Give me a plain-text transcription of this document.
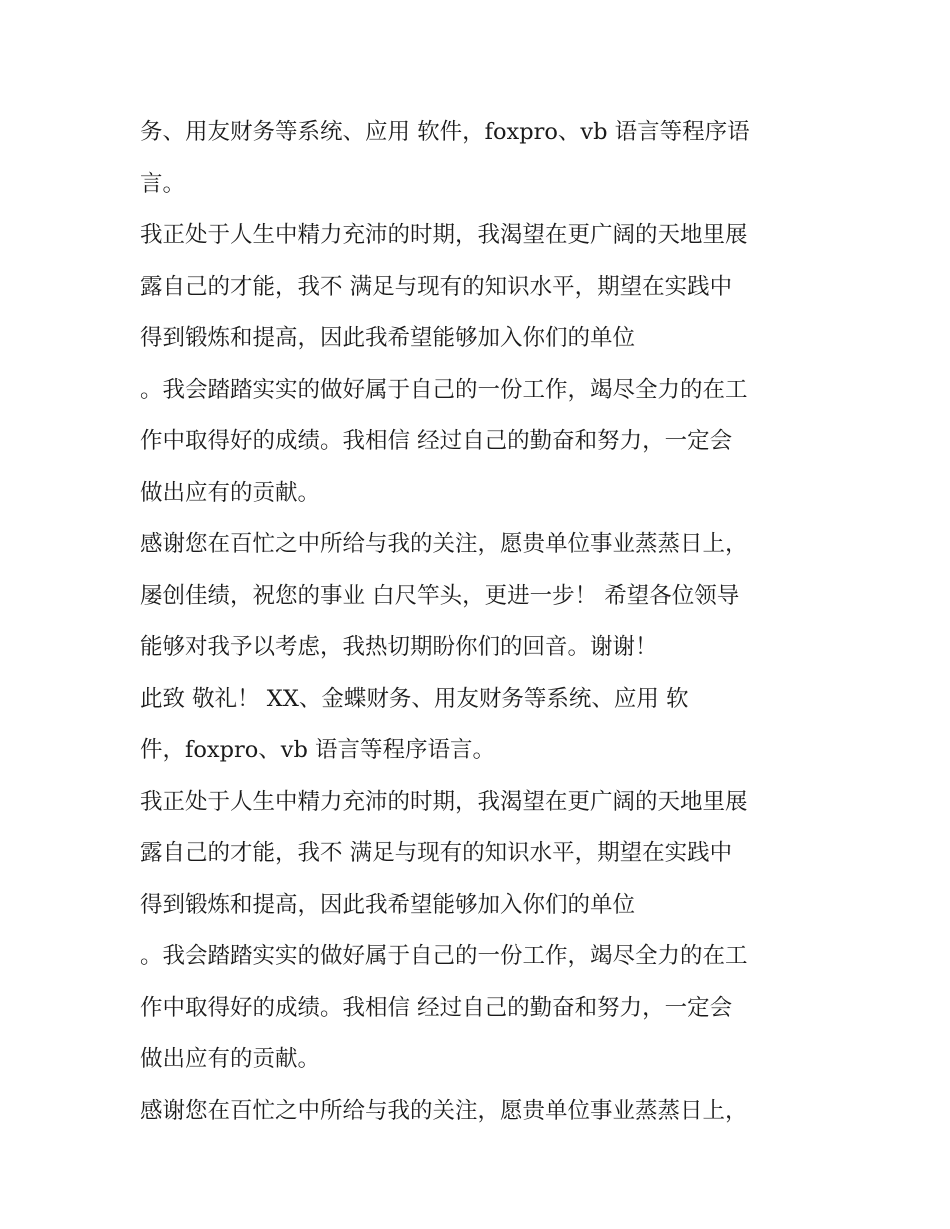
务、用友财务等系统、应用 软件，foxpro、vb 语言等程序语
言。
我正处于人生中精力充沛的时期，我渴望在更广阔的天地里展
露自己的才能，我不 满足与现有的知识水平，期望在实践中
得到锻炼和提高，因此我希望能够加入你们的单位
。我会踏踏实实的做好属于自己的一份工作，竭尽全力的在工
作中取得好的成绩。我相信 经过自己的勤奋和努力，一定会
做出应有的贡献。
感谢您在百忙之中所给与我的关注，愿贵单位事业蒸蒸日上，
屡创佳绩，祝您的事业 白尺竿头，更进一步！ 希望各位领导
能够对我予以考虑，我热切期盼你们的回音。谢谢！
此致 敬礼！ XX、金蝶财务、用友财务等系统、应用 软
件，foxpro、vb 语言等程序语言。
我正处于人生中精力充沛的时期，我渴望在更广阔的天地里展
露自己的才能，我不 满足与现有的知识水平，期望在实践中
得到锻炼和提高，因此我希望能够加入你们的单位
。我会踏踏实实的做好属于自己的一份工作，竭尽全力的在工
作中取得好的成绩。我相信 经过自己的勤奋和努力，一定会
做出应有的贡献。
感谢您在百忙之中所给与我的关注，愿贵单位事业蒸蒸日上，
